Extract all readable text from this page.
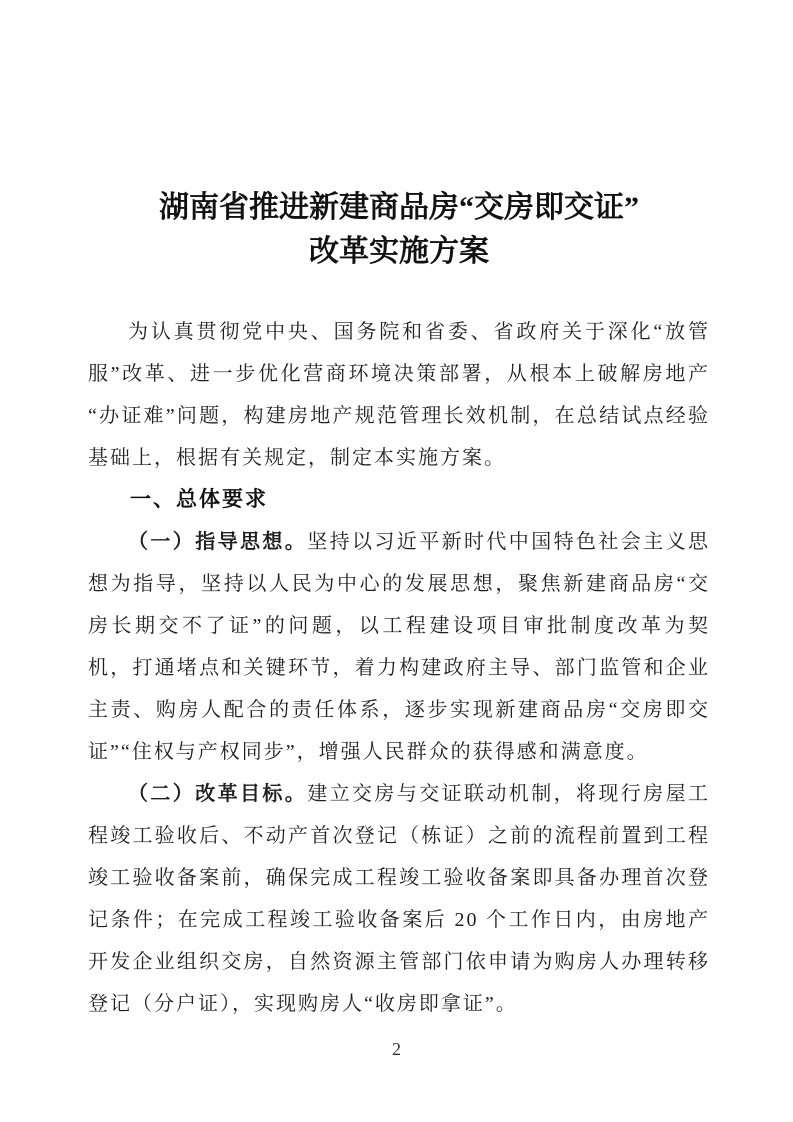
湖南省推进新建商品房“交房即交证”
改革实施方案

为认真贯彻党中央、国务院和省委、省政府关于深化“放管服”改革、进一步优化营商环境决策部署，从根本上破解房地产“办证难”问题，构建房地产规范管理长效机制，在总结试点经验基础上，根据有关规定，制定本实施方案。

一、总体要求

（一）指导思想。坚持以习近平新时代中国特色社会主义思想为指导，坚持以人民为中心的发展思想，聚焦新建商品房“交房长期交不了证”的问题，以工程建设项目审批制度改革为契机，打通堵点和关键环节，着力构建政府主导、部门监管和企业主责、购房人配合的责任体系，逐步实现新建商品房“交房即交证”“住权与产权同步”，增强人民群众的获得感和满意度。

（二）改革目标。建立交房与交证联动机制，将现行房屋工程竣工验收后、不动产首次登记（栋证）之前的流程前置到工程竣工验收备案前，确保完成工程竣工验收备案即具备办理首次登记条件；在完成工程竣工验收备案后 20 个工作日内，由房地产开发企业组织交房，自然资源主管部门依申请为购房人办理转移登记（分户证），实现购房人“收房即拿证”。

2
